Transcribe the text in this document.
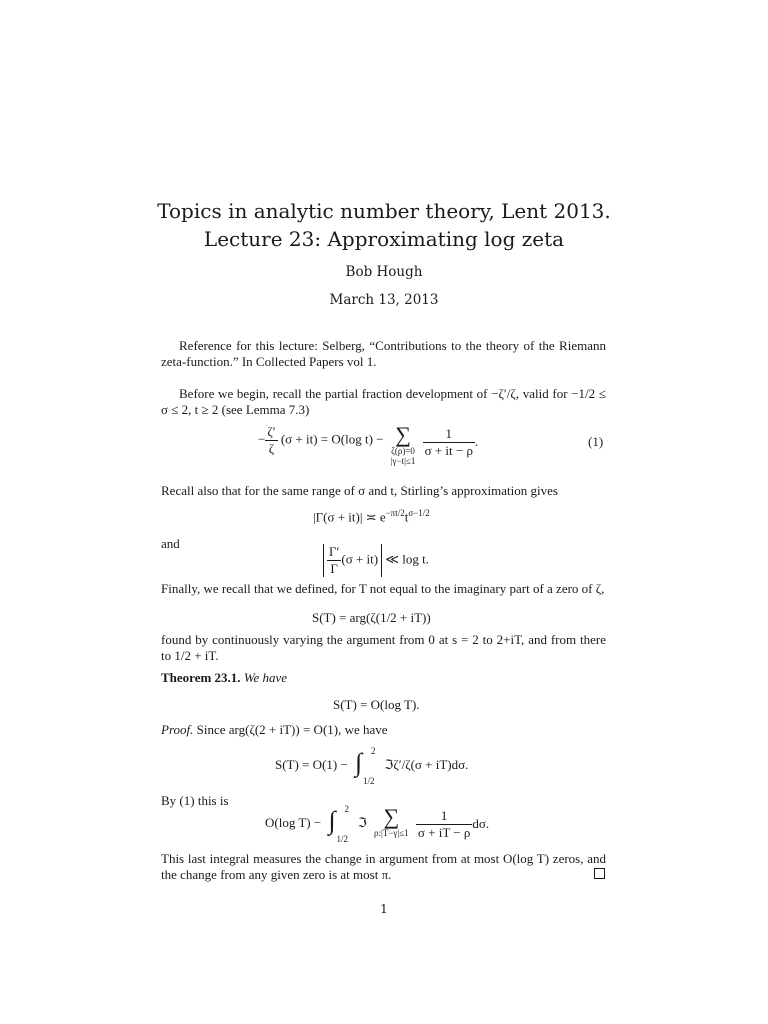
Topics in analytic number theory, Lent 2013.
Lecture 23: Approximating log zeta
Bob Hough
March 13, 2013
Reference for this lecture: Selberg, “Contributions to the theory of the Riemann zeta-function.” In Collected Papers vol 1.
Before we begin, recall the partial fraction development of −ζ′/ζ, valid for −1/2 ≤ σ ≤ 2, t ≥ 2 (see Lemma 7.3)
− $\frac{\zeta'}{\zeta} (\sigma + it) = O(\log$ t) − ∑
ζ(ρ)=0
|γ−t|≤1

$\frac{1}{\sigma + it - \rho}$ .	(1)
Recall also that for the same range of σ and t, Stirling’s approximation gives
|Γ(σ + it)| ≍ $e^{-\pi t/2}t^{\sigma-1/2}$
and
$\frac{\Gamma'}{\Gamma} (\sigma + it)$ ≪ log t.
Finally, we recall that we defined, for T not equal to the imaginary part of a zero of ζ,
S(T) = arg(ζ(1/2 + iT))
found by continuously varying the argument from 0 at s = 2 to 2+iT, and from there to 1/2 + iT.
Theorem 23.1. We have
S(T) = O(log T).
Proof. Since arg(ζ(2 + iT)) = O(1), we have
S(T) = O(1) − ∫ 2
1/2
ℑζ′/ζ(σ + iT)dσ.
By (1) this is
O(log T) − ∫ 2
1/2
ℑ ∑
ρ:|T−γ|≤1
$\frac{1}{\sigma + iT - \rho} d\sigma$.
This last integral measures the change in argument from at most O(log T) zeros, and the change from any given zero is at most π.
1
